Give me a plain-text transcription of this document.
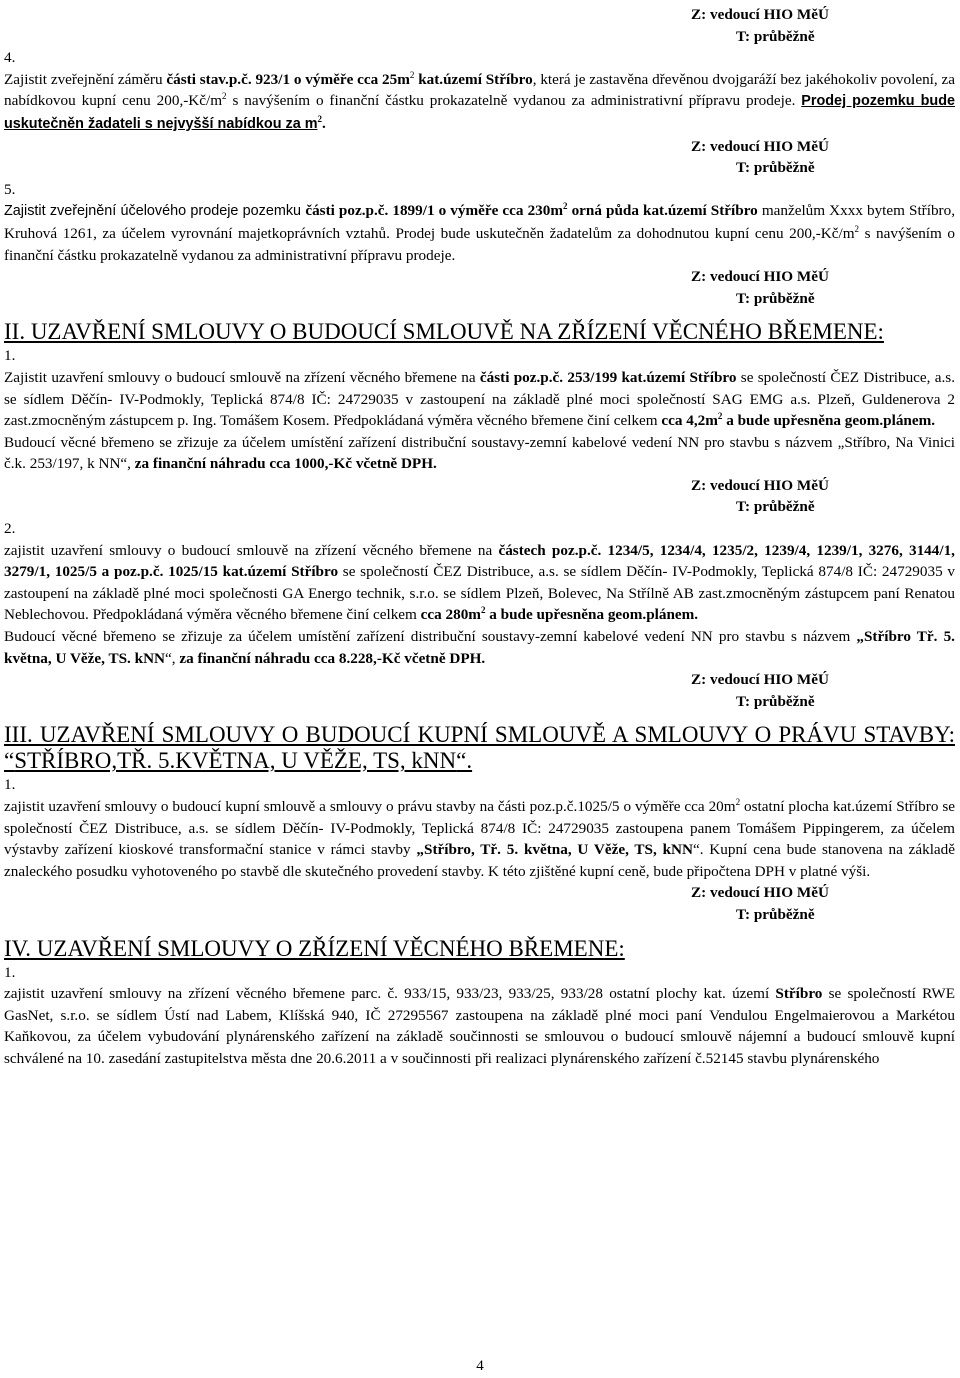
Z: vedoucí HIO MěÚ
T: průběžně
4.

Zajistit zveřejnění záměru části stav.p.č. 923/1 o výměře cca $25m^2$ kat.území Stříbro, která je zastavěna dřevěnou dvojgaráží bez jakéhokoliv povolení, za nabídkovou kupní cenu $200,-Kč/m^2$ s navýšením o finanční částku prokazatelně vydanou za administrativní přípravu prodeje. Prodej pozemku bude uskutečněn žadateli s nejvyšší nabídkou za $m^2$.

Z: vedoucí HIO MěÚ
T: průběžně
5.

Zajistit zveřejnění účelového prodeje pozemku části poz.p.č. 1899/1 o výměře cca $230m^2$ orná půda kat.území Stříbro manželům Xxxx bytem Stříbro, Kruhová 1261, za účelem vyrovnání majetkoprávních vztahů. Prodej bude uskutečněn žadatelům za dohodnutou kupní cenu $200,-Kč/m^2$ s navýšením o finanční částku prokazatelně vydanou za administrativní přípravu prodeje.

Z: vedoucí HIO MěÚ
T: průběžně
II. UZAVŘENÍ SMLOUVY O BUDOUCÍ SMLOUVĚ NA ZŘÍZENÍ VĚCNÉHO BŘEMENE:
1.

Zajistit uzavření smlouvy o budoucí smlouvě na zřízení věcného břemene na části poz.p.č. 253/199 kat.území Stříbro se společností ČEZ Distribuce, a.s. se sídlem Děčín- IV-Podmokly, Teplická 874/8 IČ: 24729035 v zastoupení na základě plné moci společností SAG EMG a.s. Plzeň, Guldenerova 2 zast.zmocněným zástupcem p. Ing. Tomášem Kosem. Předpokládaná výměra věcného břemene činí celkem cca $4,2m^2$ a bude upřesněna geom.plánem.

Budoucí věcné břemeno se zřizuje za účelem umístění zařízení distribuční soustavy-zemní kabelové vedení NN pro stavbu s názvem „Stříbro, Na Vinici č.k. 253/197, k NN“, za finanční náhradu cca 1000,-Kč včetně DPH.

Z: vedoucí HIO MěÚ
T: průběžně
2.

zajistit uzavření smlouvy o budoucí smlouvě na zřízení věcného břemene na částech poz.p.č. 1234/5, 1234/4, 1235/2, 1239/4, 1239/1, 3276, 3144/1, 3279/1, 1025/5 a poz.p.č. 1025/15 kat.území Stříbro se společností ČEZ Distribuce, a.s. se sídlem Děčín- IV-Podmokly, Teplická 874/8 IČ: 24729035 v zastoupení na základě plné moci společnosti GA Energo technik, s.r.o. se sídlem Plzeň, Bolevec, Na Střílně AB zast.zmocněným zástupcem paní Renatou Neblechovou. Předpokládaná výměra věcného břemene činí celkem cca $280m^2$ a bude upřesněna geom.plánem.

Budoucí věcné břemeno se zřizuje za účelem umístění zařízení distribuční soustavy-zemní kabelové vedení NN pro stavbu s názvem „Stříbro Tř. 5. května, U Věže, TS. kNN“, za finanční náhradu cca 8.228,-Kč včetně DPH.

Z: vedoucí HIO MěÚ
T: průběžně
III. UZAVŘENÍ SMLOUVY O BUDOUCÍ KUPNÍ SMLOUVĚ A SMLOUVY O PRÁVU STAVBY: “STŘÍBRO,TŘ. 5.KVĚTNA, U VĚŽE, TS, kNN“.
1.

zajistit uzavření smlouvy o budoucí kupní smlouvě a smlouvy o právu stavby na části poz.p.č.1025/5 o výměře cca $20m^2$ ostatní plocha kat.území Stříbro se společností ČEZ Distribuce, a.s. se sídlem Děčín- IV-Podmokly, Teplická 874/8 IČ: 24729035 zastoupena panem Tomášem Pippingerem, za účelem výstavby zařízení kioskové transformační stanice v rámci stavby „Stříbro, Tř. 5. května, U Věže, TS, kNN“. Kupní cena bude stanovena na základě znaleckého posudku vyhotoveného po stavbě dle skutečného provedení stavby. K této zjištěné kupní ceně, bude připočtena DPH v platné výši.

Z: vedoucí HIO MěÚ
T: průběžně
IV. UZAVŘENÍ SMLOUVY O ZŘÍZENÍ VĚCNÉHO BŘEMENE:
1.

zajistit uzavření smlouvy na zřízení věcného břemene parc. č. 933/15, 933/23, 933/25, 933/28 ostatní plochy kat. území Stříbro se společností RWE GasNet, s.r.o. se sídlem Ústí nad Labem, Klíšská 940, IČ 27295567 zastoupena na základě plné moci paní Vendulou Engelmaierovou a Markétou Kaňkovou, za účelem vybudování plynárenského zařízení na základě součinnosti se smlouvou o budoucí smlouvě nájemní a budoucí smlouvě kupní schválené na 10. zasedání zastupitelstva města dne 20.6.2011 a v součinnosti při realizaci plynárenského zařízení č.52145 stavbu plynárenského

4
